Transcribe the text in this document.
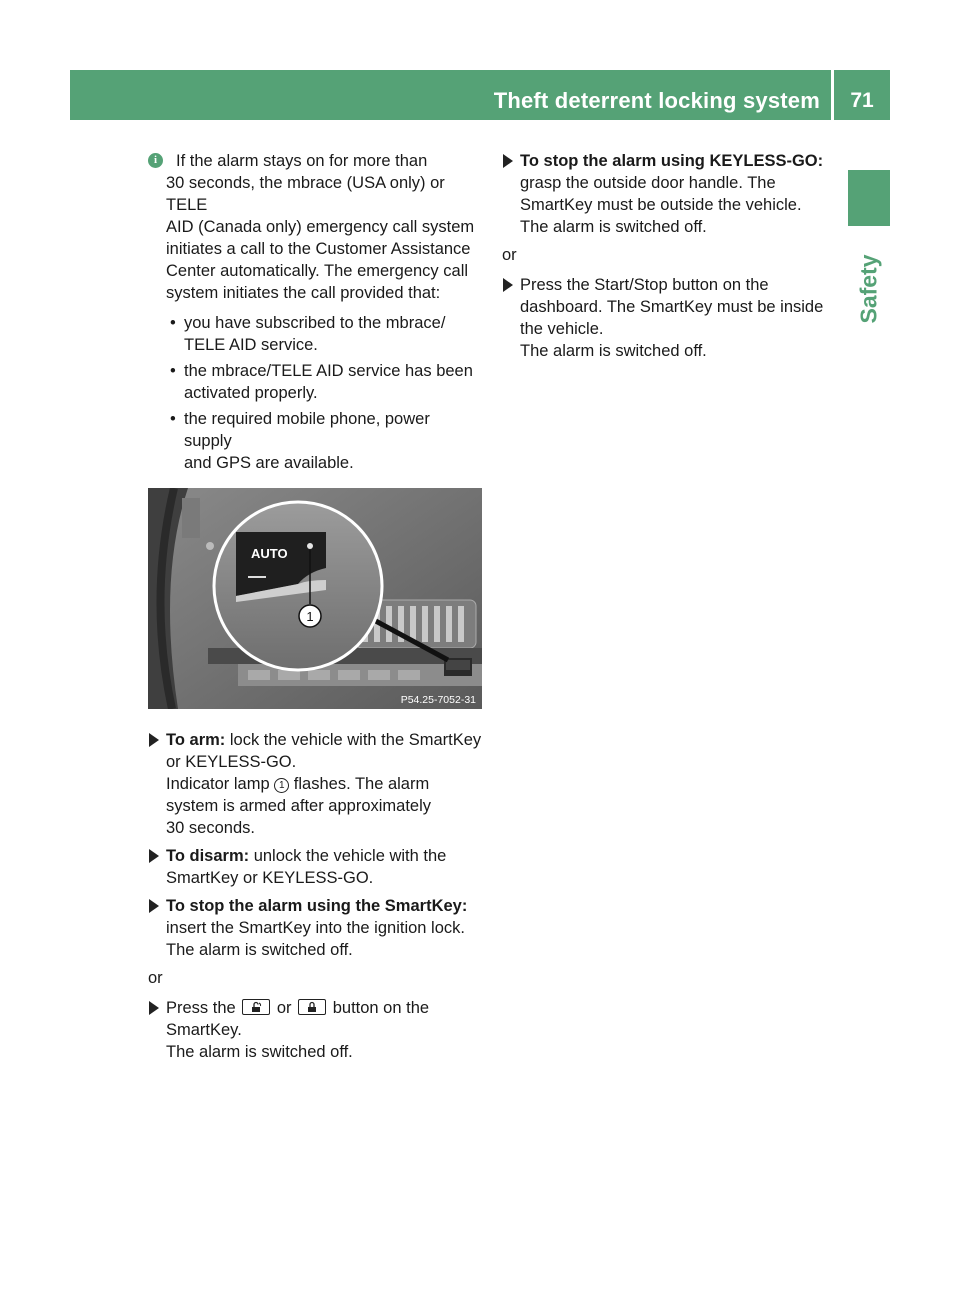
Theft deterrent locking system	71
Safety
i	If the alarm stays on for more than

30 seconds, the mbrace (USA only) or TELE

AID (Canada only) emergency call system

initiates a call to the Customer Assistance

Center automatically. The emergency call

system initiates the call provided that:

• you have subscribed to the mbrace/
TELE AID service.
• the mbrace/TELE AID service has been
activated properly.
• the required mobile phone, power supply
and GPS are available.
AUTO
1
P54.25-7052-31

To arm: lock the vehicle with the SmartKey

or KEYLESS-GO.

Indicator lamp 1 flashes. The alarm

system is armed after approximately

30 seconds.

To disarm: unlock the vehicle with the

SmartKey or KEYLESS-GO.

To stop the alarm using the SmartKey:

insert the SmartKey into the ignition lock.

The alarm is switched off.

or

Press the
or
button on the

SmartKey.

The alarm is switched off.

To stop the alarm using KEYLESS-GO:

grasp the outside door handle. The

SmartKey must be outside the vehicle.

The alarm is switched off.

or

Press the Start/Stop button on the

dashboard. The SmartKey must be inside

the vehicle.

The alarm is switched off.
